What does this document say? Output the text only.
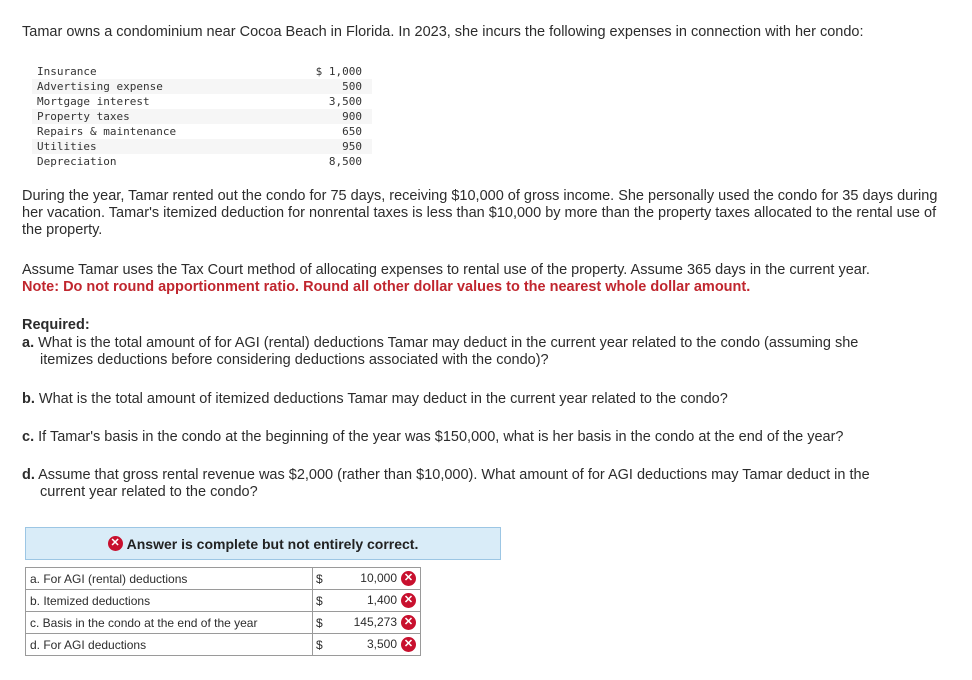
Tamar owns a condominium near Cocoa Beach in Florida. In 2023, she incurs the following expenses in connection with her condo:
Insurance	$ 1,000
Advertising expense	500
Mortgage interest	3,500
Property taxes	900
Repairs & maintenance	650
Utilities	950
Depreciation	8,500
During the year, Tamar rented out the condo for 75 days, receiving $10,000 of gross income. She personally used the condo for 35 days during her vacation. Tamar's itemized deduction for nonrental taxes is less than $10,000 by more than the property taxes allocated to the rental use of the property.
Assume Tamar uses the Tax Court method of allocating expenses to rental use of the property. Assume 365 days in the current year.
Note: Do not round apportionment ratio. Round all other dollar values to the nearest whole dollar amount.
Required:
a. What is the total amount of for AGI (rental) deductions Tamar may deduct in the current year related to the condo (assuming she
itemizes deductions before considering deductions associated with the condo)?
b. What is the total amount of itemized deductions Tamar may deduct in the current year related to the condo?
c. If Tamar's basis in the condo at the beginning of the year was $150,000, what is her basis in the condo at the end of the year?
d. Assume that gross rental revenue was $2,000 (rather than $10,000). What amount of for AGI deductions may Tamar deduct in the
current year related to the condo?
✕ Answer is complete but not entirely correct.
a. For AGI (rental) deductions	$	10,000 ✕
b. Itemized deductions	$	1,400 ✕
c. Basis in the condo at the end of the year	$	145,273 ✕
d. For AGI deductions	$	3,500 ✕
